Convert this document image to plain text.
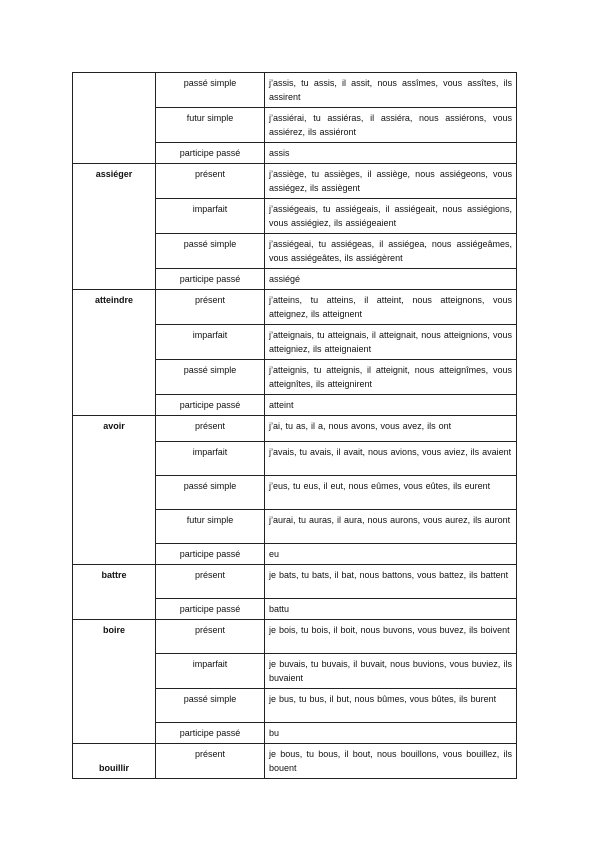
	passé simple	j’assis, tu assis, il assit, nous assîmes, vous assîtes, ils assirent
	futur simple	j’assiérai, tu assiéras, il assiéra, nous assiérons, vous assiérez, ils assiéront
	participe passé	assis
assiéger	présent	j’assiège, tu assièges, il assiège, nous assiégeons, vous assiégez, ils assiègent
	imparfait	j’assiégeais, tu assiégeais, il assiégeait, nous assiégions, vous assiégiez, ils assiégeaient
	passé simple	j’assiégeai, tu assiégeas, il assiégea, nous assiégeâmes, vous assiégeâtes, ils assiégèrent
	participe passé	assiégé
atteindre	présent	j’atteins, tu atteins, il atteint, nous atteignons, vous atteignez, ils atteignent
	imparfait	j’atteignais, tu atteignais, il atteignait, nous atteignions, vous atteigniez, ils atteignaient
	passé simple	j’atteignis, tu atteignis, il atteignit, nous atteignîmes, vous atteignîtes, ils atteignirent
	participe passé	atteint
avoir	présent	j’ai, tu as, il a, nous avons, vous avez, ils ont
	imparfait	j’avais, tu avais, il avait, nous avions, vous aviez, ils avaient
	passé simple	j’eus, tu eus, il eut, nous eûmes, vous eûtes, ils eurent
	futur simple	j’aurai, tu auras, il aura, nous aurons, vous aurez, ils auront
	participe passé	eu
battre	présent	je bats, tu bats, il bat, nous battons, vous battez, ils battent
	participe passé	battu
boire	présent	je bois, tu bois, il boit, nous buvons, vous buvez, ils boivent
	imparfait	je buvais, tu buvais, il buvait, nous buvions, vous buviez, ils buvaient
	passé simple	je bus, tu bus, il but, nous bûmes, vous bûtes, ils burent
	participe passé	bu
bouillir	présent	je bous, tu bous, il bout, nous bouillons, vous bouillez, ils bouent
